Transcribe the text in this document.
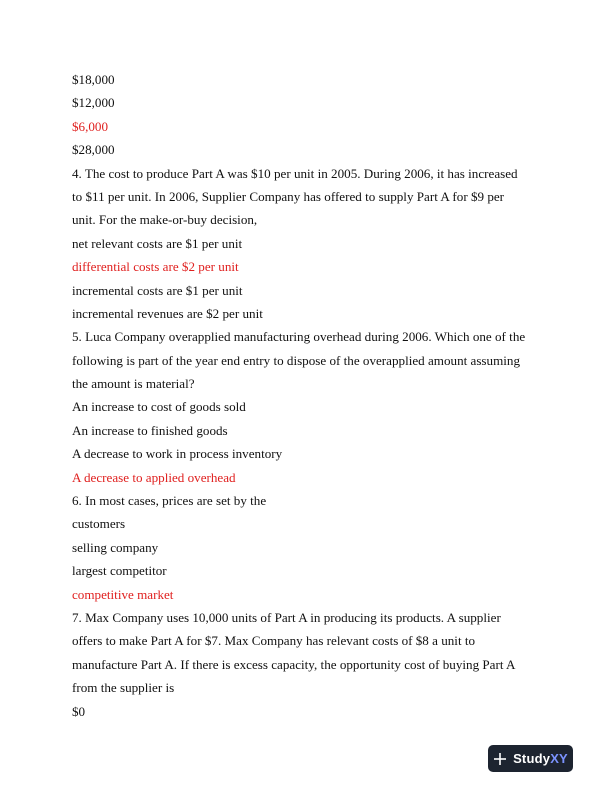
$18,000
$12,000
$6,000
$28,000
4. The cost to produce Part A was $10 per unit in 2005. During 2006, it has increased
to $11 per unit. In 2006, Supplier Company has offered to supply Part A for $9 per
unit. For the make-or-buy decision,
net relevant costs are $1 per unit
differential costs are $2 per unit
incremental costs are $1 per unit
incremental revenues are $2 per unit
5. Luca Company overapplied manufacturing overhead during 2006. Which one of the
following is part of the year end entry to dispose of the overapplied amount assuming
the amount is material?
An increase to cost of goods sold
An increase to finished goods
A decrease to work in process inventory
A decrease to applied overhead
6. In most cases, prices are set by the
customers
selling company
largest competitor
competitive market
7. Max Company uses 10,000 units of Part A in producing its products. A supplier
offers to make Part A for $7. Max Company has relevant costs of $8 a unit to
manufacture Part A. If there is excess capacity, the opportunity cost of buying Part A
from the supplier is
$0
StudyXY
